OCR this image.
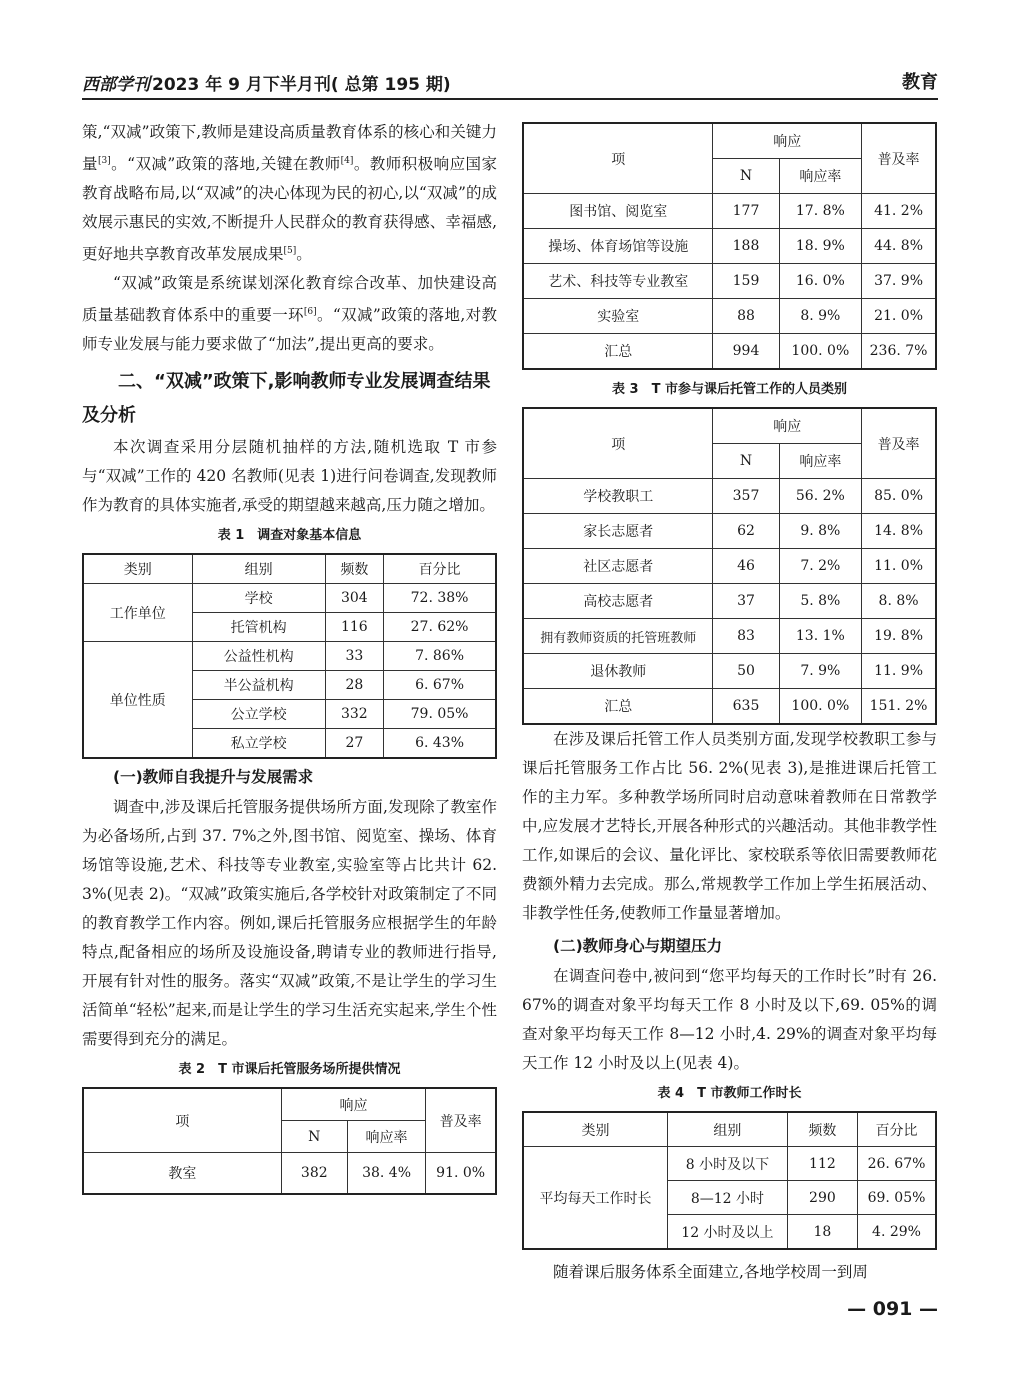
西部学刊 2023 年 9 月下半月刊( 总第 195 期)	教育

策,“双减”政策下,教师是建设高质量教育体系的核心和关键力量[3]。“双减”政策的落地,关键在教师[4]。教师积极响应国家教育战略布局,以“双减”的决心体现为民的初心,以“双减”的成效展示惠民的实效,不断提升人民群众的教育获得感、幸福感,更好地共享教育改革发展成果[5]。

“双减”政策是系统谋划深化教育综合改革、加快建设高质量基础教育体系中的重要一环[6]。“双减”政策的落地,对教师专业发展与能力要求做了“加法”,提出更高的要求。

二、“双减”政策下,影响教师专业发展调查结果及分析

本次调查采用分层随机抽样的方法,随机选取 T 市参与“双减”工作的 420 名教师(见表 1)进行问卷调查,发现教师作为教育的具体实施者,承受的期望越来越高,压力随之增加。

表 1　调查对象基本信息
类别	组别	频数	百分比
工作单位	学校	304	72. 38%
	托管机构	116	27. 62%
单位性质	公益性机构	33	7. 86%
	半公益机构	28	6. 67%
	公立学校	332	79. 05%
	私立学校	27	6. 43%
(一)教师自我提升与发展需求

调查中,涉及课后托管服务提供场所方面,发现除了教室作为必备场所,占到 37. 7%之外,图书馆、阅览室、操场、体育场馆等设施,艺术、科技等专业教室,实验室等占比共计 62. 3%(见表 2)。“双减”政策实施后,各学校针对政策制定了不同的教育教学工作内容。例如,课后托管服务应根据学生的年龄特点,配备相应的场所及设施设备,聘请专业的教师进行指导,开展有针对性的服务。落实“双减”政策,不是让学生的学习生活简单“轻松”起来,而是让学生的学习生活充实起来,学生个性需要得到充分的满足。

表 2　T 市课后托管服务场所提供情况
项	响应		普及率
	N	响应率	
教室	382	38. 4%	91. 0%
项	响应		普及率
	N	响应率	
图书馆、阅览室	177	17. 8%	41. 2%
操场、体育场馆等设施	188	18. 9%	44. 8%
艺术、科技等专业教室	159	16. 0%	37. 9%
实验室	88	8. 9%	21. 0%
汇总	994	100. 0%	236. 7%
表 3　T 市参与课后托管工作的人员类别
项	响应		普及率
	N	响应率	
学校教职工	357	56. 2%	85. 0%
家长志愿者	62	9. 8%	14. 8%
社区志愿者	46	7. 2%	11. 0%
高校志愿者	37	5. 8%	8. 8%
拥有教师资质的托管班教师	83	13. 1%	19. 8%
退休教师	50	7. 9%	11. 9%
汇总	635	100. 0%	151. 2%

在涉及课后托管工作人员类别方面,发现学校教职工参与课后托管服务工作占比 56. 2%(见表 3),是推进课后托管工作的主力军。多种教学场所同时启动意味着教师在日常教学中,应发展才艺特长,开展各种形式的兴趣活动。其他非教学性工作,如课后的会议、量化评比、家校联系等依旧需要教师花费额外精力去完成。那么,常规教学工作加上学生拓展活动、非教学性任务,使教师工作量显著增加。

(二)教师身心与期望压力

在调查问卷中,被问到“您平均每天的工作时长”时有 26. 67%的调查对象平均每天工作 8 小时及以下,69. 05%的调查对象平均每天工作 8—12 小时,4. 29%的调查对象平均每天工作 12 小时及以上(见表 4)。

表 4　T 市教师工作时长
类别	组别	频数	百分比
平均每天工作时长	8 小时及以下	112	26. 67%
	8—12 小时	290	69. 05%
	12 小时及以上	18	4. 29%

随着课后服务体系全面建立,各地学校周一到周

— 091 —
